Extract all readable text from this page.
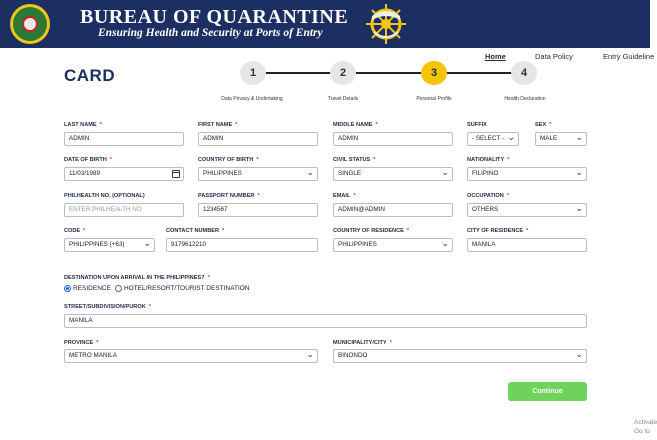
BUREAU OF QUARANTINE
Ensuring Health and Security at Ports of Entry
Home	Data Policy	Entry Guideline
CARD	1	2	3	4
Data Privacy & Undertaking	Travel Details	Personal Profile	Health Declaration
LAST NAME *
ADMIN
FIRST NAME *
ADMIN
MIDDLE NAME *
ADMIN
SUFFIX
- SELECT - ⌄
SEX *
MALE ⌄
DATE OF BIRTH *
11/03/1989
COUNTRY OF BIRTH *
PHILIPPINES ⌄
CIVIL STATUS *
SINGLE ⌄
NATIONALITY *
FILIPINO ⌄
PHILHEALTH NO. (OPTIONAL)
ENTER PHILHEALTH NO
PASSPORT NUMBER *
1234567
EMAIL *
ADMIN@ADMIN
OCCUPATION *
OTHERS ⌄
CODE *
PHILIPPINES (+63) ⌄
CONTACT NUMBER *
9179612210
COUNTRY OF RESIDENCE *
PHILIPPINES ⌄
CITY OF RESIDENCE *
MANILA
DESTINATION UPON ARRIVAL IN THE PHILIPPINES? *
RESIDENCE HOTEL/RESORT/TOURIST DESTINATION
STREET/SUBDIVISION/PUROK *
MANILA
PROVINCE *
METRO MANILA ⌄
MUNICIPALITY/CITY *
BINONDO ⌄
Continue
Activate
Go to
